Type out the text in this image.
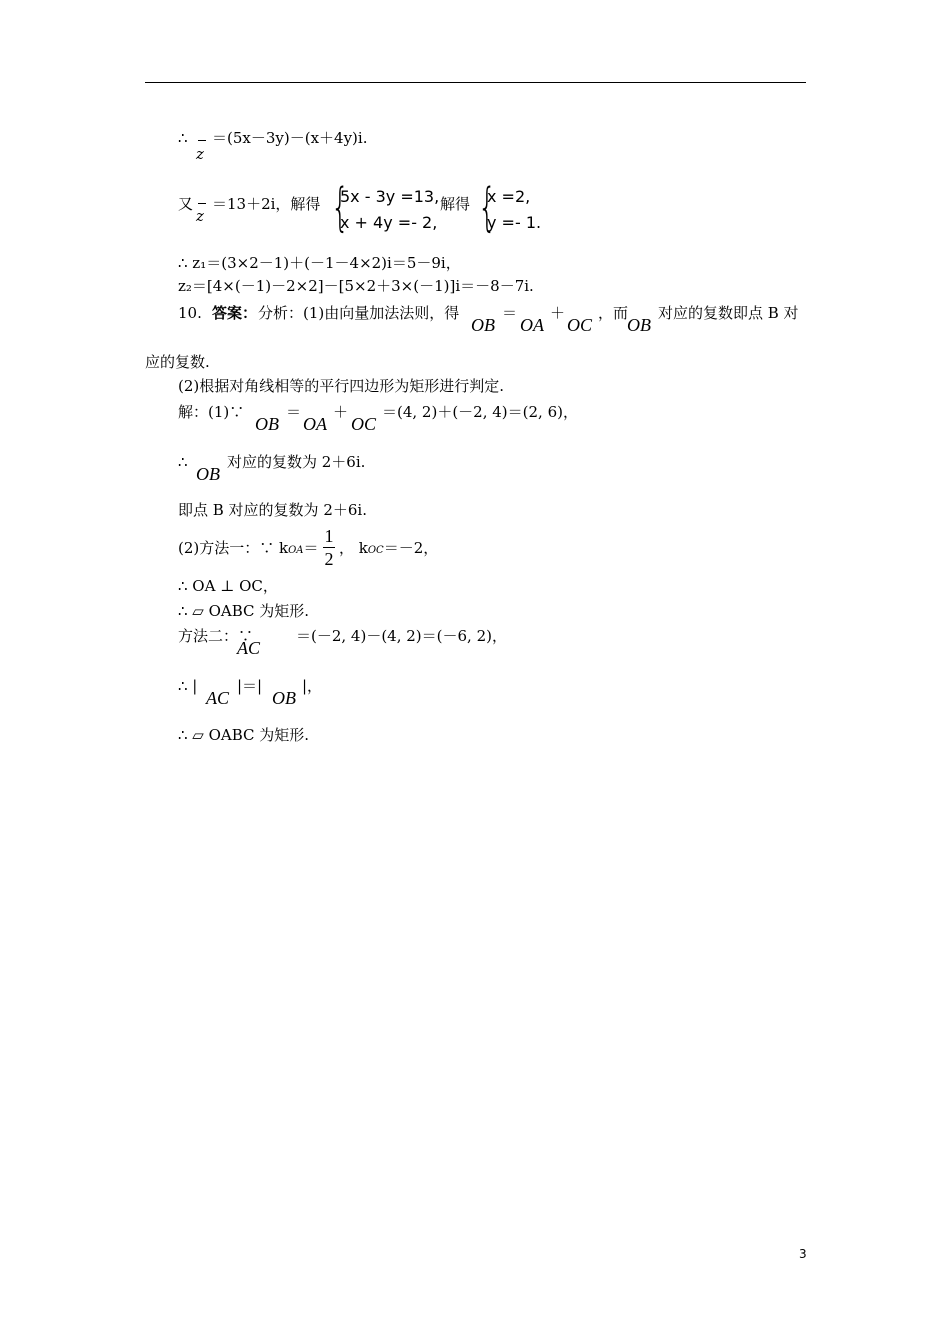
∴
z
＝(5x－3y)－(x＋4y)i.
又
z
＝13＋2i，解得 {
5x - 3y =13,
x + 4y =- 2,
解得 {
x =2,
y =- 1.
∴ z₁＝(3×2－1)＋(－1－4×2)i＝5－9i，
z₂＝[4×(－1)－2×2]－[5×2＋3×(－1)]i＝－8－7i.
10. 答案： 分析：(1)由向量加法法则，得
OB
＝
OA
＋
OC
，而
OB
对应的复数即点 B 对
应的复数.
(2)根据对角线相等的平行四边形为矩形进行判定.
解：(1)∵
OB
＝
OA
＋
OC
＝(4, 2)＋(－2, 4)＝(2, 6)，
∴
OB
对应的复数为 2＋6i.
即点 B 对应的复数为 2＋6i.
(2)方法一：∵ kOA＝
1
2
， kOC＝－2，
∴ OA ⊥ OC，
∴ ▱ OABC 为矩形.
方法二：∵
AC
＝(－2, 4)－(4, 2)＝(－6, 2)，
∴ |
AC
|＝|
OB
|，
∴ ▱ OABC 为矩形.
3
